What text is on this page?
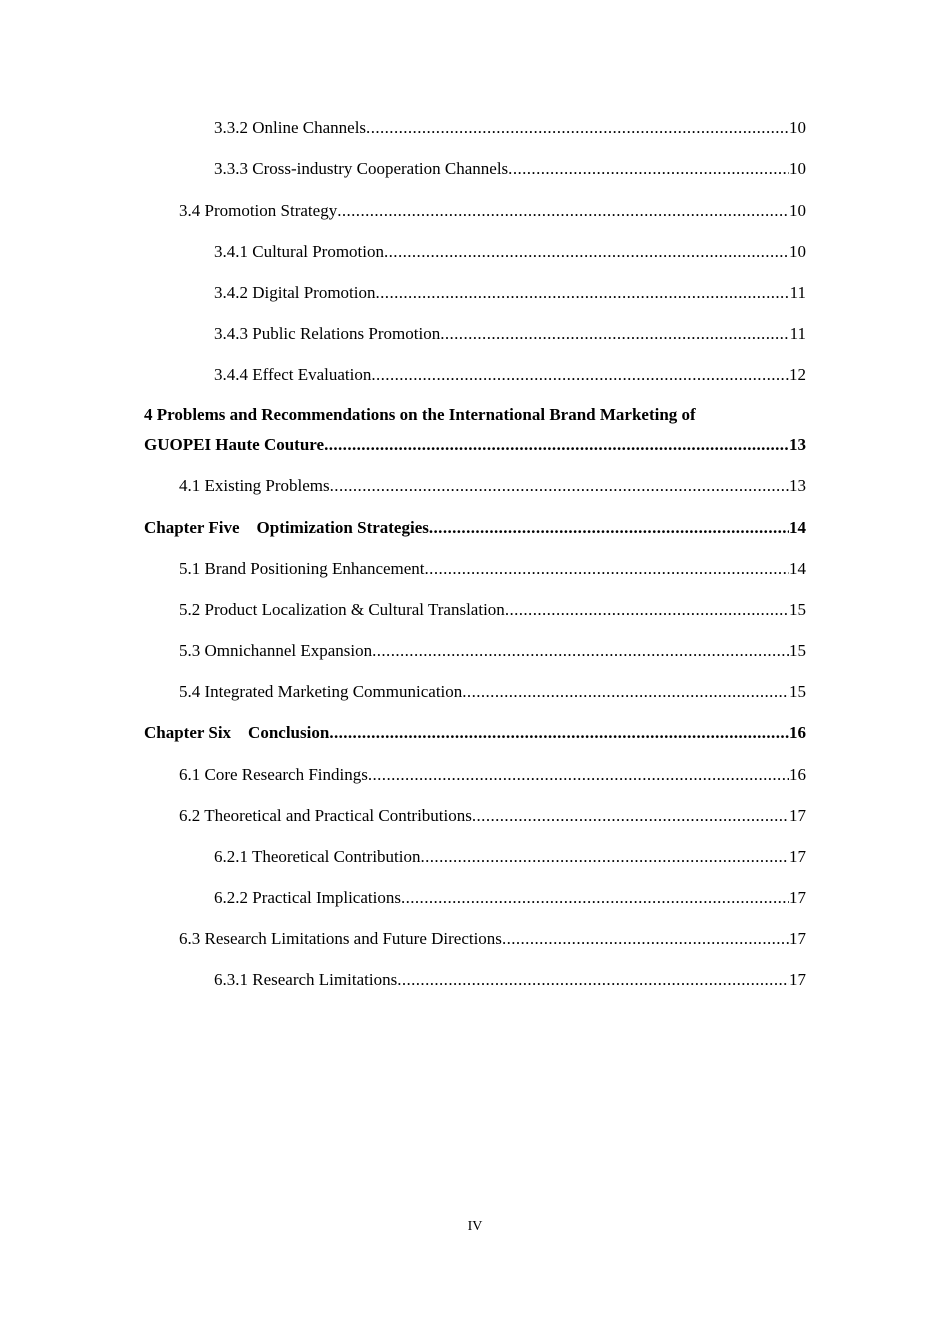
3.3.2 Online Channels .....	10
3.3.3 Cross-industry Cooperation Channels .....	10
3.4 Promotion Strategy .....	10
3.4.1 Cultural Promotion .....	10
3.4.2 Digital Promotion .....	11
3.4.3 Public Relations Promotion .....	11
3.4.4 Effect Evaluation .....	12
4 Problems and Recommendations on the International Brand Marketing of
GUOPEI Haute Couture .....	13
4.1 Existing Problems .....	13
Chapter Five    Optimization Strategies .....	14
5.1 Brand Positioning Enhancement .....	14
5.2 Product Localization & Cultural Translation .....	15
5.3 Omnichannel Expansion .....	15
5.4 Integrated Marketing Communication .....	15
Chapter Six    Conclusion .....	16
6.1 Core Research Findings .....	16
6.2 Theoretical and Practical Contributions .....	17
6.2.1 Theoretical Contribution .....	17
6.2.2 Practical Implications .....	17
6.3 Research Limitations and Future Directions .....	17
6.3.1 Research Limitations .....	17
IV
